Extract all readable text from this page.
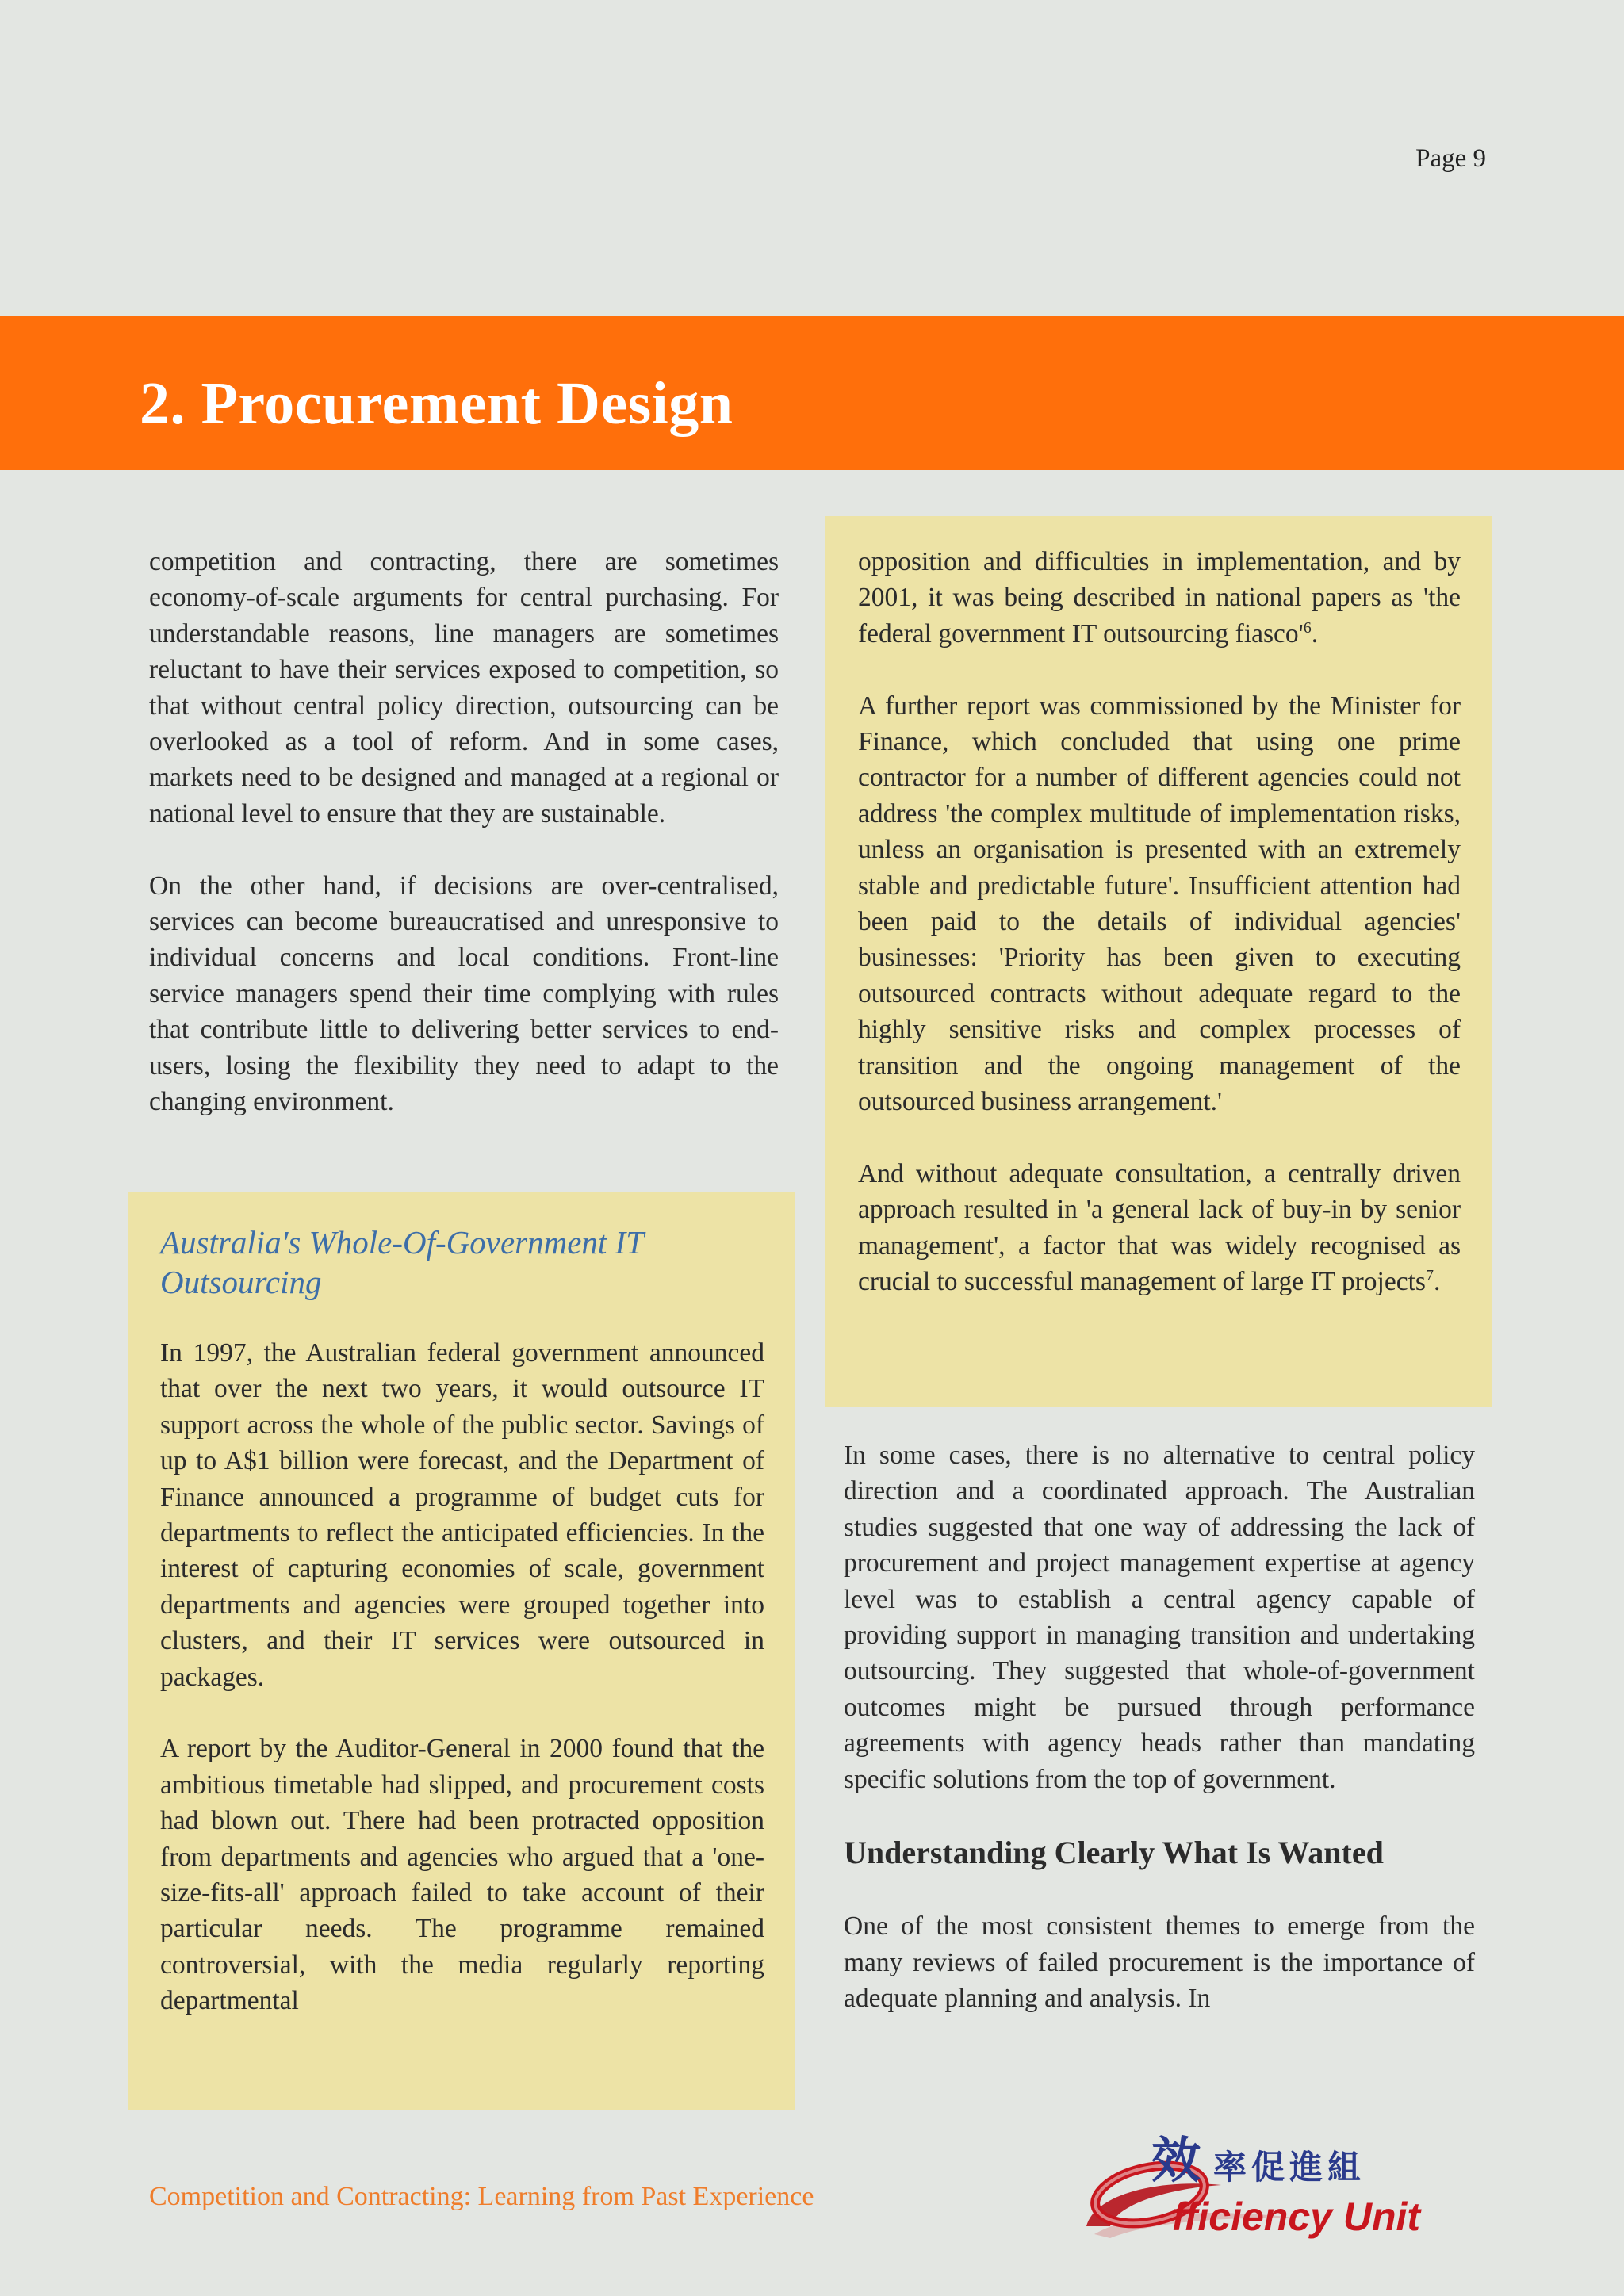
Page 9
2. Procurement Design

competition and contracting, there are sometimes economy-of-scale arguments for central purchasing. For understandable reasons, line managers are sometimes reluctant to have their services exposed to competition, so that without central policy direction, outsourcing can be overlooked as a tool of reform. And in some cases, markets need to be designed and managed at a regional or national level to ensure that they are sustainable.

On the other hand, if decisions are over-centralised, services can become bureaucratised and unresponsive to individual concerns and local conditions. Front-line service managers spend their time complying with rules that contribute little to delivering better services to end-users, losing the flexibility they need to adapt to the changing environment.

Australia's Whole-Of-Government IT Outsourcing

In 1997, the Australian federal government announced that over the next two years, it would outsource IT support across the whole of the public sector. Savings of up to A$1 billion were forecast, and the Department of Finance announced a programme of budget cuts for departments to reflect the anticipated efficiencies. In the interest of capturing economies of scale, government departments and agencies were grouped together into clusters, and their IT services were outsourced in packages.

A report by the Auditor-General in 2000 found that the ambitious timetable had slipped, and procurement costs had blown out. There had been protracted opposition from departments and agencies who argued that a 'one-size-fits-all' approach failed to take account of their particular needs. The programme remained controversial, with the media regularly reporting departmental

opposition and difficulties in implementation, and by 2001, it was being described in national papers as 'the federal government IT outsourcing $fiasco'^6$.

A further report was commissioned by the Minister for Finance, which concluded that using one prime contractor for a number of different agencies could not address 'the complex multitude of implementation risks, unless an organisation is presented with an extremely stable and predictable future'. Insufficient attention had been paid to the details of individual agencies' businesses: 'Priority has been given to executing outsourced contracts without adequate regard to the highly sensitive risks and complex processes of transition and the ongoing management of the outsourced business arrangement.'

And without adequate consultation, a centrally driven approach resulted in 'a general lack of buy-in by senior management', a factor that was widely recognised as crucial to successful management of large IT projects$^7$.

In some cases, there is no alternative to central policy direction and a coordinated approach. The Australian studies suggested that one way of addressing the lack of procurement and project management expertise at agency level was to establish a central agency capable of providing support in managing transition and undertaking outsourcing. They suggested that whole-of-government outcomes might be pursued through performance agreements with agency heads rather than mandating specific solutions from the top of government.

Understanding Clearly What Is Wanted

One of the most consistent themes to emerge from the many reviews of failed procurement is the importance of adequate planning and analysis. In

Competition and Contracting: Learning from Past Experience
效 率促進組
fficiency Unit
